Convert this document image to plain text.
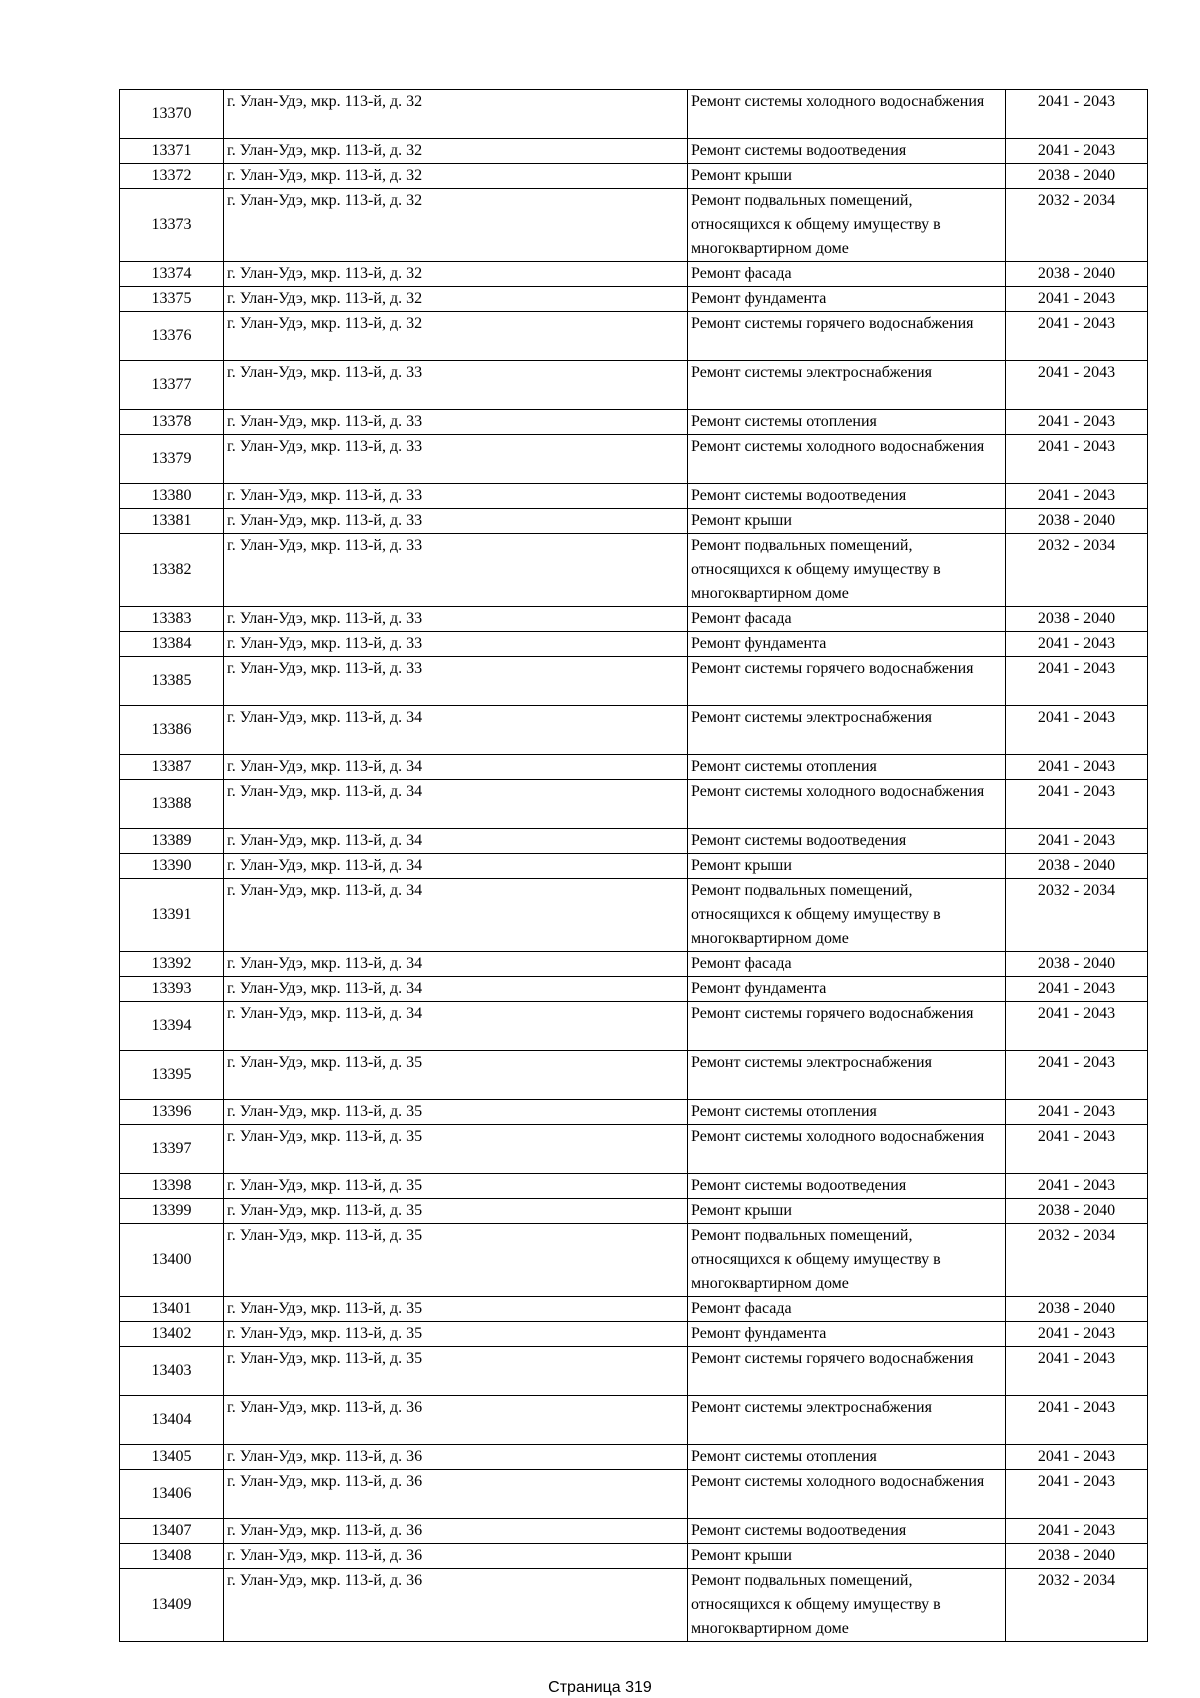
13370	г. Улан-Удэ, мкр. 113-й, д. 32	Ремонт системы холодного водоснабжения	2041 - 2043
13371	г. Улан-Удэ, мкр. 113-й, д. 32	Ремонт системы водоотведения	2041 - 2043
13372	г. Улан-Удэ, мкр. 113-й, д. 32	Ремонт крыши	2038 - 2040
13373	г. Улан-Удэ, мкр. 113-й, д. 32	Ремонт подвальных помещений, относящихся к общему имуществу в многоквартирном доме	2032 - 2034
13374	г. Улан-Удэ, мкр. 113-й, д. 32	Ремонт фасада	2038 - 2040
13375	г. Улан-Удэ, мкр. 113-й, д. 32	Ремонт фундамента	2041 - 2043
13376	г. Улан-Удэ, мкр. 113-й, д. 32	Ремонт системы горячего водоснабжения	2041 - 2043
13377	г. Улан-Удэ, мкр. 113-й, д. 33	Ремонт системы электроснабжения	2041 - 2043
13378	г. Улан-Удэ, мкр. 113-й, д. 33	Ремонт системы отопления	2041 - 2043
13379	г. Улан-Удэ, мкр. 113-й, д. 33	Ремонт системы холодного водоснабжения	2041 - 2043
13380	г. Улан-Удэ, мкр. 113-й, д. 33	Ремонт системы водоотведения	2041 - 2043
13381	г. Улан-Удэ, мкр. 113-й, д. 33	Ремонт крыши	2038 - 2040
13382	г. Улан-Удэ, мкр. 113-й, д. 33	Ремонт подвальных помещений, относящихся к общему имуществу в многоквартирном доме	2032 - 2034
13383	г. Улан-Удэ, мкр. 113-й, д. 33	Ремонт фасада	2038 - 2040
13384	г. Улан-Удэ, мкр. 113-й, д. 33	Ремонт фундамента	2041 - 2043
13385	г. Улан-Удэ, мкр. 113-й, д. 33	Ремонт системы горячего водоснабжения	2041 - 2043
13386	г. Улан-Удэ, мкр. 113-й, д. 34	Ремонт системы электроснабжения	2041 - 2043
13387	г. Улан-Удэ, мкр. 113-й, д. 34	Ремонт системы отопления	2041 - 2043
13388	г. Улан-Удэ, мкр. 113-й, д. 34	Ремонт системы холодного водоснабжения	2041 - 2043
13389	г. Улан-Удэ, мкр. 113-й, д. 34	Ремонт системы водоотведения	2041 - 2043
13390	г. Улан-Удэ, мкр. 113-й, д. 34	Ремонт крыши	2038 - 2040
13391	г. Улан-Удэ, мкр. 113-й, д. 34	Ремонт подвальных помещений, относящихся к общему имуществу в многоквартирном доме	2032 - 2034
13392	г. Улан-Удэ, мкр. 113-й, д. 34	Ремонт фасада	2038 - 2040
13393	г. Улан-Удэ, мкр. 113-й, д. 34	Ремонт фундамента	2041 - 2043
13394	г. Улан-Удэ, мкр. 113-й, д. 34	Ремонт системы горячего водоснабжения	2041 - 2043
13395	г. Улан-Удэ, мкр. 113-й, д. 35	Ремонт системы электроснабжения	2041 - 2043
13396	г. Улан-Удэ, мкр. 113-й, д. 35	Ремонт системы отопления	2041 - 2043
13397	г. Улан-Удэ, мкр. 113-й, д. 35	Ремонт системы холодного водоснабжения	2041 - 2043
13398	г. Улан-Удэ, мкр. 113-й, д. 35	Ремонт системы водоотведения	2041 - 2043
13399	г. Улан-Удэ, мкр. 113-й, д. 35	Ремонт крыши	2038 - 2040
13400	г. Улан-Удэ, мкр. 113-й, д. 35	Ремонт подвальных помещений, относящихся к общему имуществу в многоквартирном доме	2032 - 2034
13401	г. Улан-Удэ, мкр. 113-й, д. 35	Ремонт фасада	2038 - 2040
13402	г. Улан-Удэ, мкр. 113-й, д. 35	Ремонт фундамента	2041 - 2043
13403	г. Улан-Удэ, мкр. 113-й, д. 35	Ремонт системы горячего водоснабжения	2041 - 2043
13404	г. Улан-Удэ, мкр. 113-й, д. 36	Ремонт системы электроснабжения	2041 - 2043
13405	г. Улан-Удэ, мкр. 113-й, д. 36	Ремонт системы отопления	2041 - 2043
13406	г. Улан-Удэ, мкр. 113-й, д. 36	Ремонт системы холодного водоснабжения	2041 - 2043
13407	г. Улан-Удэ, мкр. 113-й, д. 36	Ремонт системы водоотведения	2041 - 2043
13408	г. Улан-Удэ, мкр. 113-й, д. 36	Ремонт крыши	2038 - 2040
13409	г. Улан-Удэ, мкр. 113-й, д. 36	Ремонт подвальных помещений, относящихся к общему имуществу в многоквартирном доме	2032 - 2034
Страница 319
